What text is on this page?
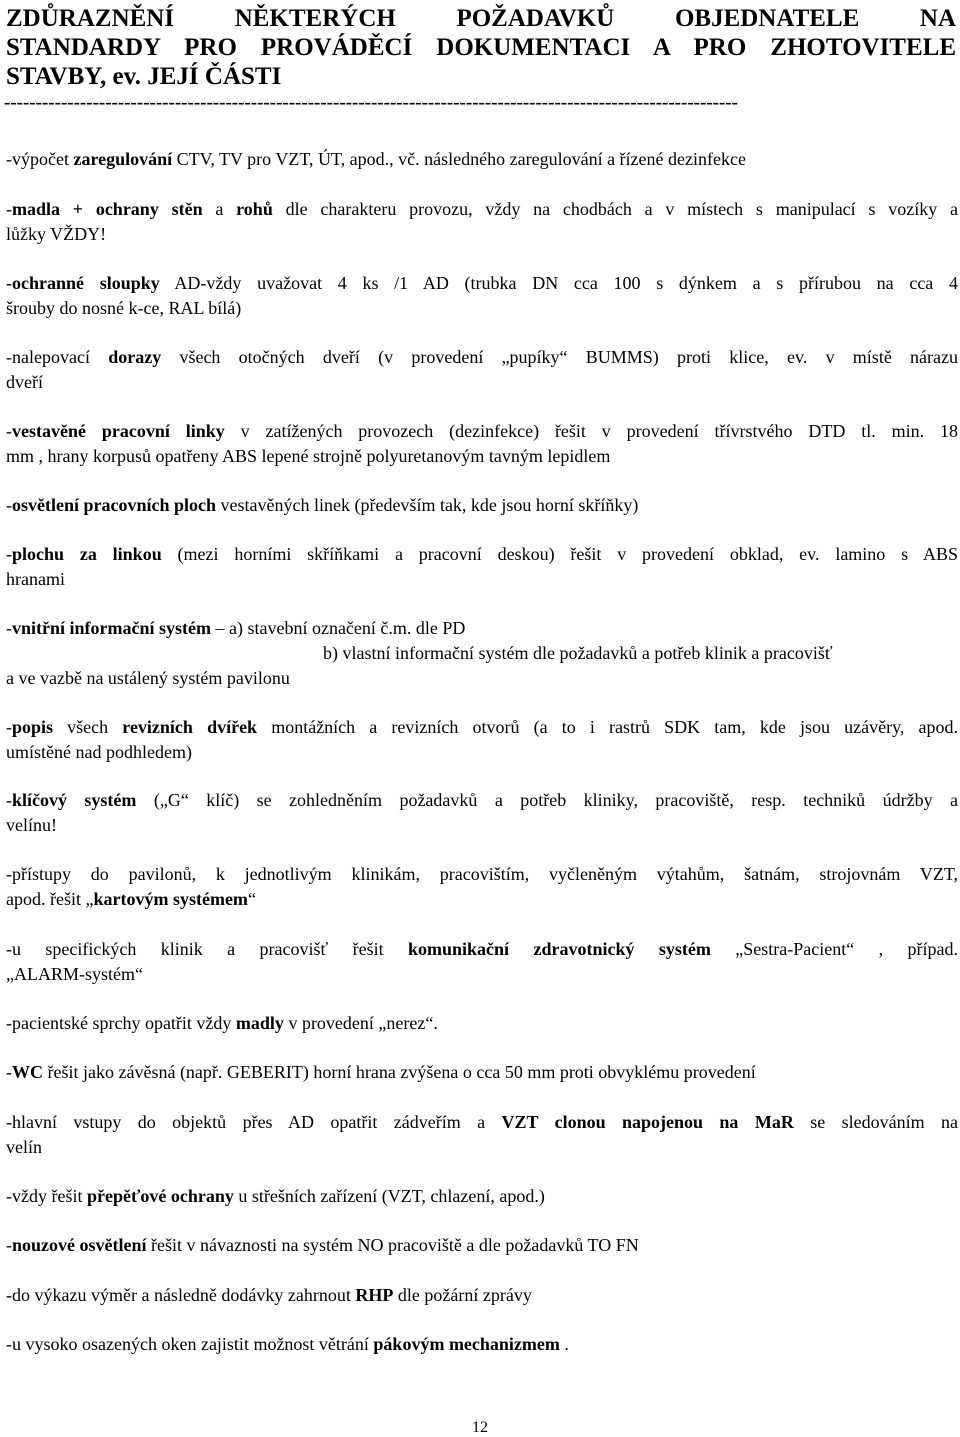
ZDŮRAZNĚNÍ NĚKTERÝCH POŽADAVKŮ OBJEDNATELE NA
STANDARDY PRO PROVÁDĚCÍ DOKUMENTACI A PRO ZHOTOVITELE
STAVBY, ev. JEJÍ ČÁSTI
--------------------------------------------------------------------------------------------------------------------
-výpočet zaregulování CTV, TV pro VZT, ÚT, apod., vč. následného zaregulování a řízené dezinfekce
-madla + ochrany stěn a rohů dle charakteru provozu, vždy na chodbách a v místech s manipulací s vozíky a
lůžky VŽDY!
-ochranné sloupky AD-vždy uvažovat 4 ks /1 AD (trubka DN cca 100 s dýnkem a s přírubou na cca 4
šrouby do nosné k-ce, RAL bílá)
-nalepovací dorazy všech otočných dveří (v provedení „pupíky“ BUMMS) proti klice, ev. v místě nárazu
dveří
-vestavěné pracovní linky v zatížených provozech (dezinfekce) řešit v provedení třívrstvého DTD tl. min. 18
mm , hrany korpusů opatřeny ABS lepené strojně polyuretanovým tavným lepidlem
-osvětlení pracovních ploch vestavěných linek (především tak, kde jsou horní skříňky)
-plochu za linkou (mezi horními skříňkami a pracovní deskou) řešit v provedení obklad, ev. lamino s ABS
hranami
-vnitřní informační systém – a) stavební označení č.m. dle PD
b) vlastní informační systém dle požadavků a potřeb klinik a pracovišť
a ve vazbě na ustálený systém pavilonu
-popis všech revizních dvířek montážních a revizních otvorů (a to i rastrů SDK tam, kde jsou uzávěry, apod.
umístěné nad podhledem)
-klíčový systém („G“ klíč) se zohledněním požadavků a potřeb kliniky, pracoviště, resp. techniků údržby a
velínu!
-přístupy do pavilonů, k jednotlivým klinikám, pracovištím, vyčleněným výtahům, šatnám, strojovnám VZT,
apod. řešit „kartovým systémem“
-u specifických klinik a pracovišť řešit komunikační zdravotnický systém „Sestra-Pacient“ , případ.
„ALARM-systém“
-pacientské sprchy opatřit vždy madly v provedení „nerez“.
-WC řešit jako závěsná (např. GEBERIT) horní hrana zvýšena o cca 50 mm proti obvyklému provedení
-hlavní vstupy do objektů přes AD opatřit zádveřím a VZT clonou napojenou na MaR se sledováním na
velín
-vždy řešit přepěťové ochrany u střešních zařízení (VZT, chlazení, apod.)
-nouzové osvětlení řešit v návaznosti na systém NO pracoviště a dle požadavků TO FN
-do výkazu výměr a následně dodávky zahrnout RHP dle požární zprávy
-u vysoko osazených oken zajistit možnost větrání pákovým mechanizmem .
12
